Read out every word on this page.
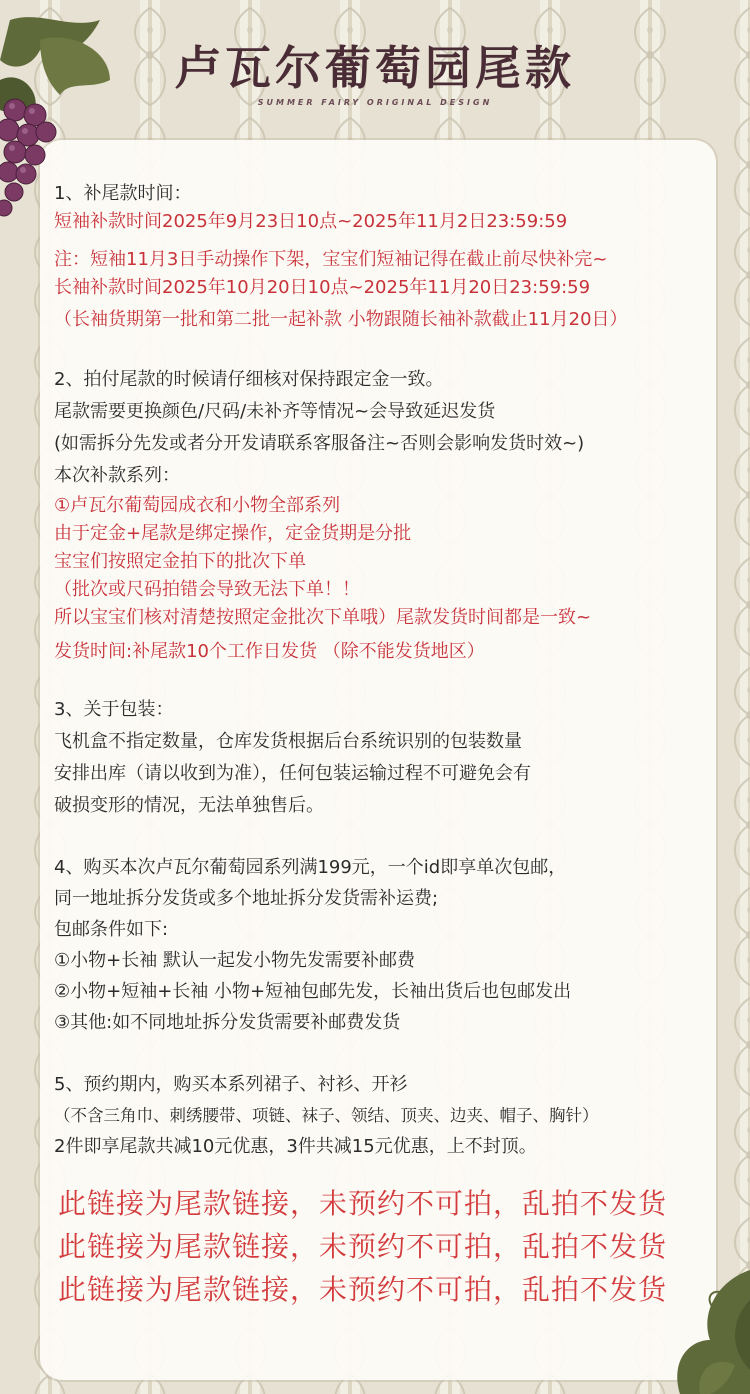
卢瓦尔葡萄园尾款
SUMMER FAIRY ORIGINAL DESIGN
1、补尾款时间：
短袖补款时间2025年9月23日10点~2025年11月2日23:59:59
注：短袖11月3日手动操作下架，宝宝们短袖记得在截止前尽快补完~
长袖补款时间2025年10月20日10点~2025年11月20日23:59:59
（长袖货期第一批和第二批一起补款 小物跟随长袖补款截止11月20日）
2、拍付尾款的时候请仔细核对保持跟定金一致。
尾款需要更换颜色/尺码/未补齐等情况~会导致延迟发货
(如需拆分先发或者分开发请联系客服备注~否则会影响发货时效~)
本次补款系列：
①卢瓦尔葡萄园成衣和小物全部系列
由于定金+尾款是绑定操作，定金货期是分批
宝宝们按照定金拍下的批次下单
（批次或尺码拍错会导致无法下单！！
所以宝宝们核对清楚按照定金批次下单哦）尾款发货时间都是一致~
发货时间:补尾款10个工作日发货 （除不能发货地区）
3、关于包装：
飞机盒不指定数量，仓库发货根据后台系统识别的包装数量
安排出库（请以收到为准），任何包装运输过程不可避免会有
破损变形的情况，无法单独售后。
4、购买本次卢瓦尔葡萄园系列满199元，一个id即享单次包邮，
同一地址拆分发货或多个地址拆分发货需补运费;
包邮条件如下:
①小物+长袖 默认一起发小物先发需要补邮费
②小物+短袖+长袖 小物+短袖包邮先发，长袖出货后也包邮发出
③其他:如不同地址拆分发货需要补邮费发货
5、预约期内，购买本系列裙子、衬衫、开衫
（不含三角巾、刺绣腰带、项链、袜子、领结、顶夹、边夹、帽子、胸针）
2件即享尾款共减10元优惠，3件共减15元优惠，上不封顶。
此链接为尾款链接，未预约不可拍，乱拍不发货
此链接为尾款链接，未预约不可拍，乱拍不发货
此链接为尾款链接，未预约不可拍，乱拍不发货
